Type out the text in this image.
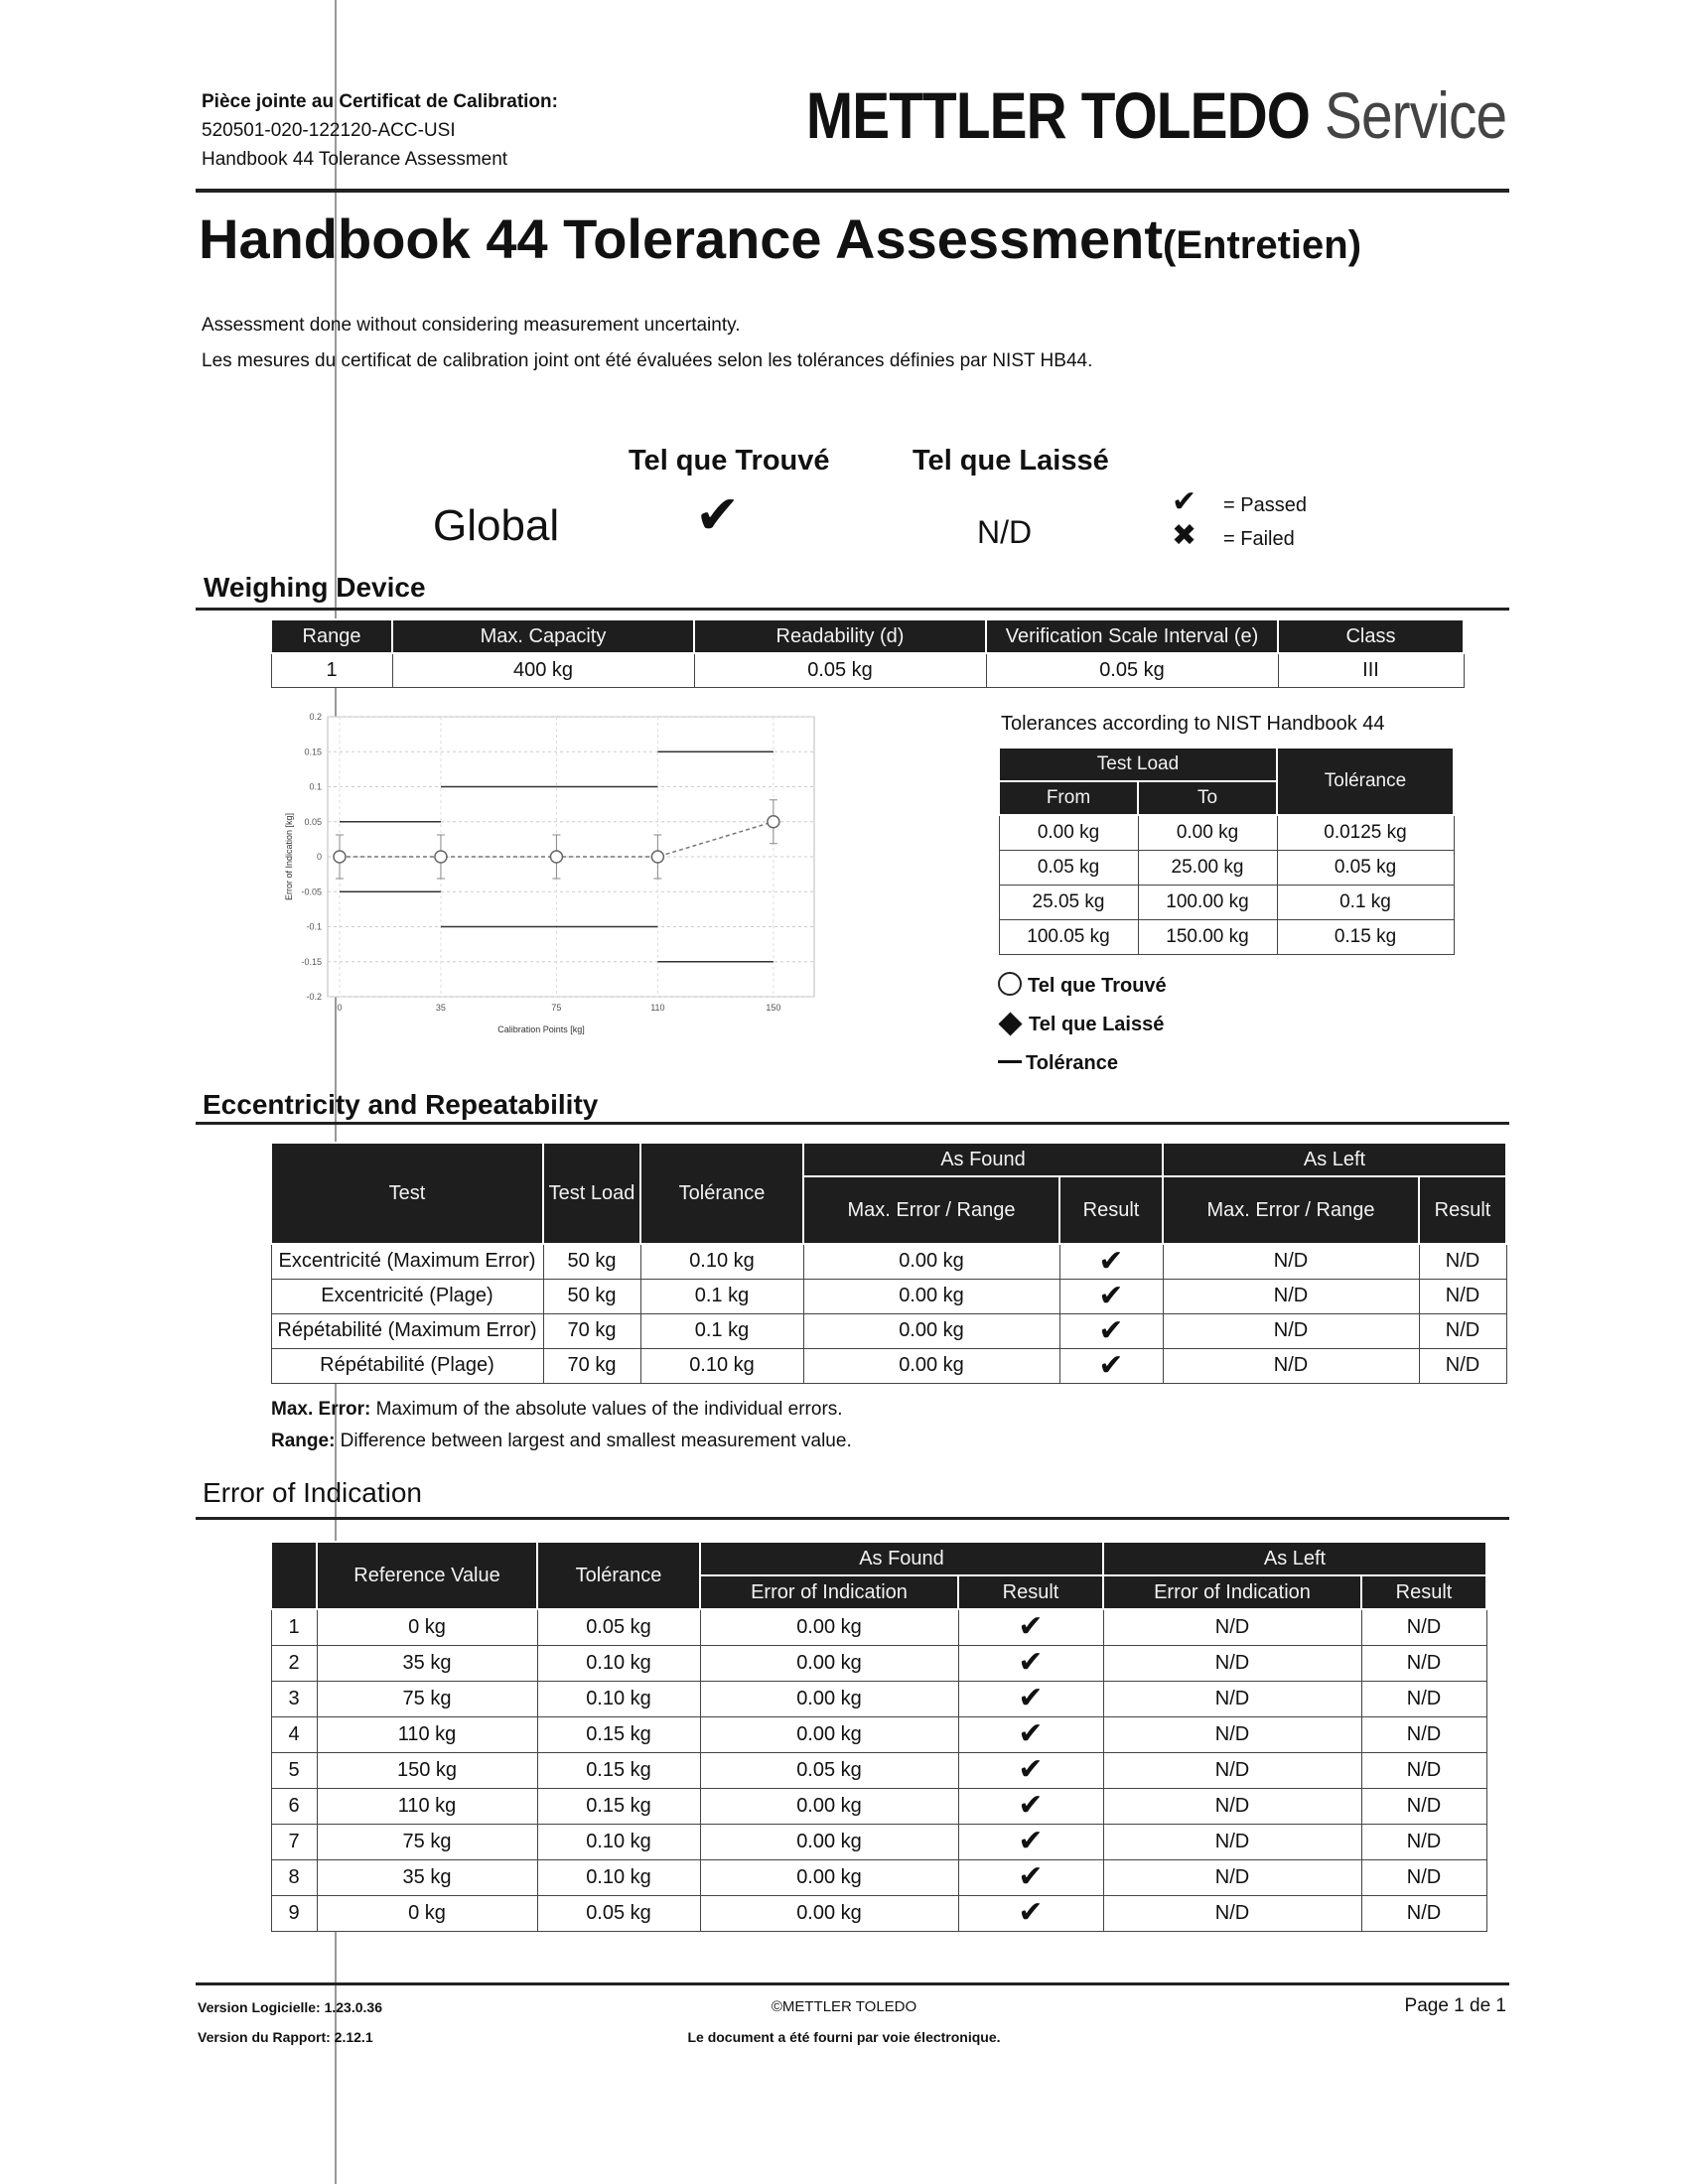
Pièce jointe au Certificat de Calibration:
520501-020-122120-ACC-USI
Handbook 44 Tolerance Assessment
METTLER TOLEDO Service
Handbook 44 Tolerance Assessment(Entretien)
Assessment done without considering measurement uncertainty.
Les mesures du certificat de calibration joint ont été évaluées selon les tolérances définies par NIST HB44.
Tel que Trouvé	Tel que Laissé
Global	✔	N/D
✔ = Passed
✖ = Failed
Weighing Device
Range	Max. Capacity	Readability (d)	Verification Scale Interval (e)	Class
1	400 kg	0.05 kg	0.05 kg	III
0.2
0.15
0.1
0.05
0
-0.05
-0.1
-0.15
-0.2
0	35	75	110	150
Error of Indication [kg]
Calibration Points [kg]
Tolerances according to NIST Handbook 44
Test Load		Tolérance
From	To	
0.00 kg	0.00 kg	0.0125 kg
0.05 kg	25.00 kg	0.05 kg
25.05 kg	100.00 kg	0.1 kg
100.05 kg	150.00 kg	0.15 kg
Tel que Trouvé
Tel que Laissé
Tolérance
Eccentricity and Repeatability
Test	Test Load	Tolérance	As Found		As Left	
			Max. Error / Range	Result	Max. Error / Range	Result
Excentricité (Maximum Error)	50 kg	0.10 kg	0.00 kg	✔	N/D	N/D
Excentricité (Plage)	50 kg	0.1 kg	0.00 kg	✔	N/D	N/D
Répétabilité (Maximum Error)	70 kg	0.1 kg	0.00 kg	✔	N/D	N/D
Répétabilité (Plage)	70 kg	0.10 kg	0.00 kg	✔	N/D	N/D
Max. Error: Maximum of the absolute values of the individual errors.
Range: Difference between largest and smallest measurement value.
Error of Indication
	Reference Value	Tolérance	As Found		As Left	
			Error of Indication	Result	Error of Indication	Result
1	0 kg	0.05 kg	0.00 kg	✔	N/D	N/D
2	35 kg	0.10 kg	0.00 kg	✔	N/D	N/D
3	75 kg	0.10 kg	0.00 kg	✔	N/D	N/D
4	110 kg	0.15 kg	0.00 kg	✔	N/D	N/D
5	150 kg	0.15 kg	0.05 kg	✔	N/D	N/D
6	110 kg	0.15 kg	0.00 kg	✔	N/D	N/D
7	75 kg	0.10 kg	0.00 kg	✔	N/D	N/D
8	35 kg	0.10 kg	0.00 kg	✔	N/D	N/D
9	0 kg	0.05 kg	0.00 kg	✔	N/D	N/D
Version Logicielle: 1.23.0.36
Version du Rapport: 2.12.1
©METTLER TOLEDO
Le document a été fourni par voie électronique.
Page 1 de 1
